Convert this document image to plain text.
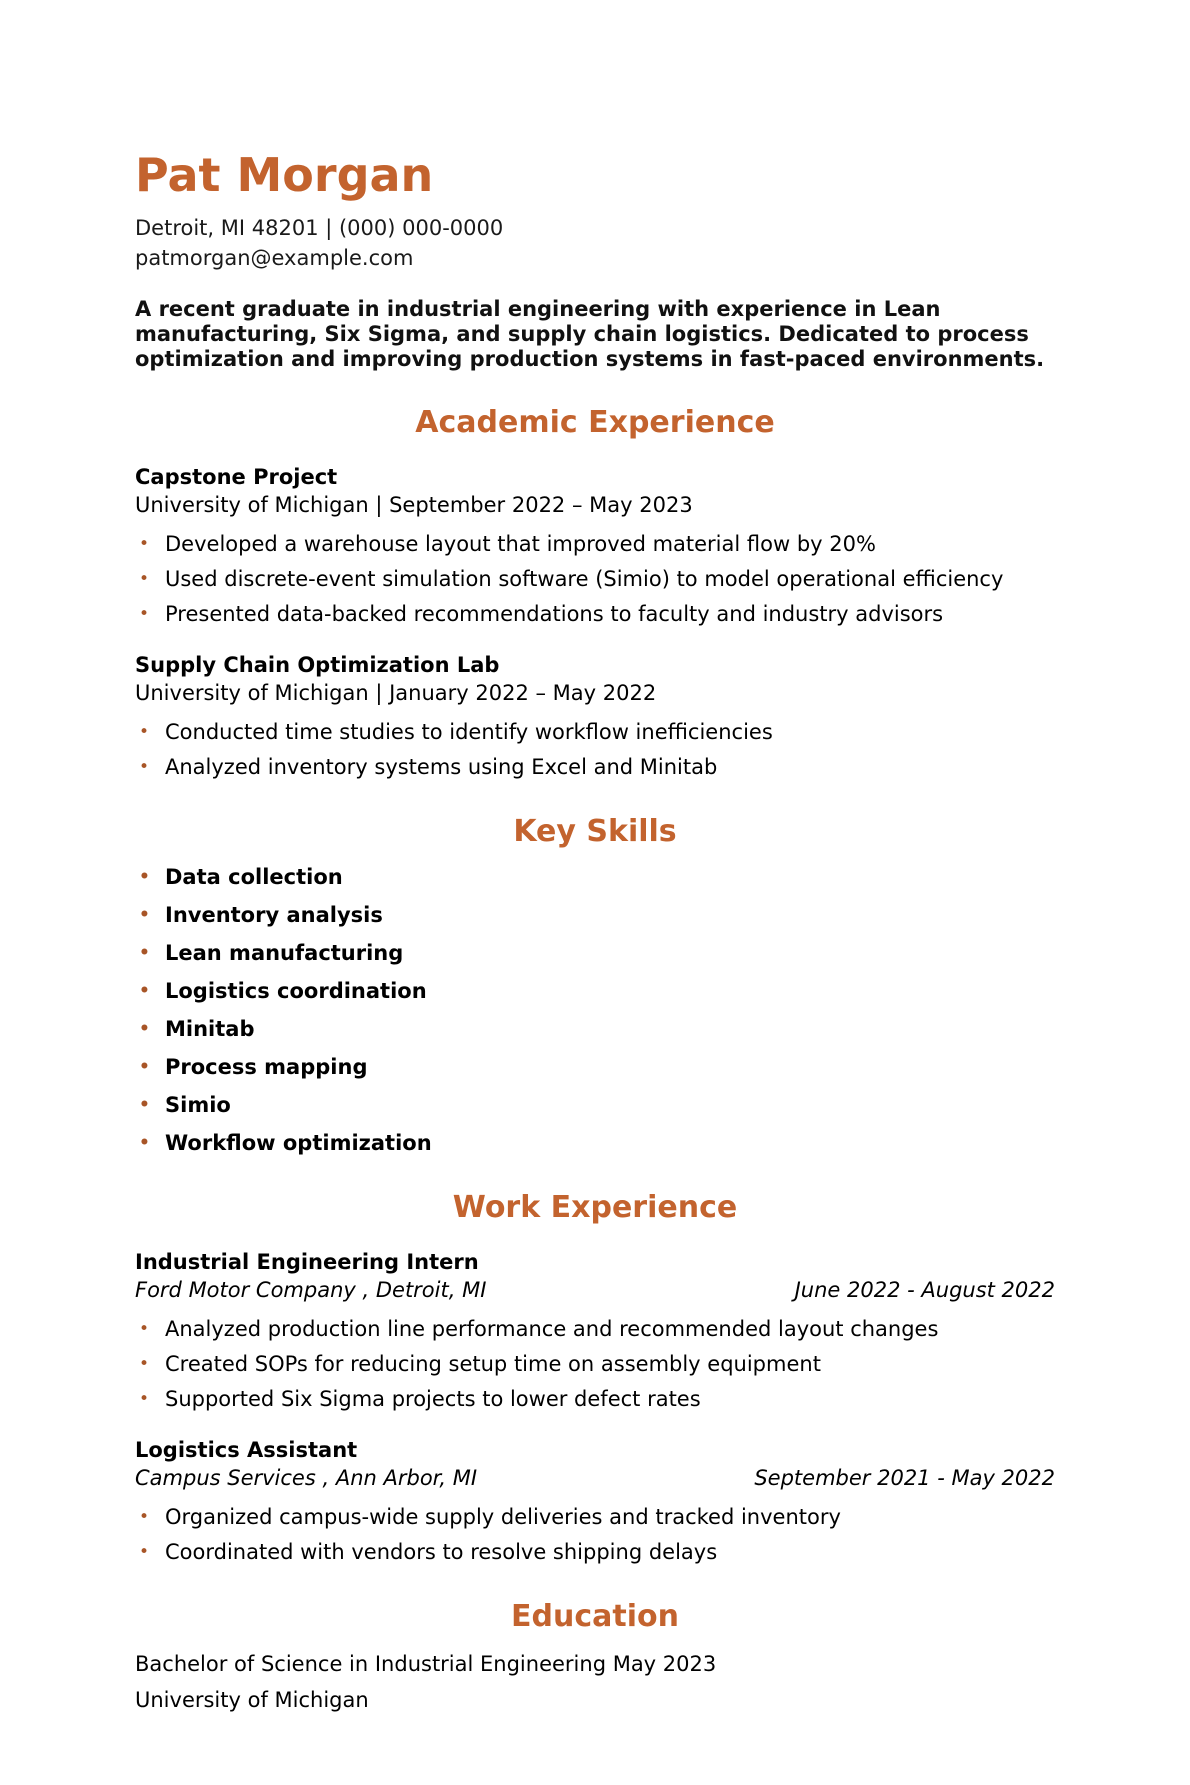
Pat Morgan
Detroit, MI 48201 | (000) 000-0000
patmorgan@example.com

A recent graduate in industrial engineering with experience in Lean manufacturing, Six Sigma, and supply chain logistics. Dedicated to process optimization and improving production systems in fast-paced environments.

Academic Experience
Capstone Project
University of Michigan | September 2022 – May 2023
• Developed a warehouse layout that improved material flow by 20%
• Used discrete-event simulation software (Simio) to model operational efficiency
• Presented data-backed recommendations to faculty and industry advisors
Supply Chain Optimization Lab
University of Michigan | January 2022 – May 2022
• Conducted time studies to identify workflow inefficiencies
• Analyzed inventory systems using Excel and Minitab
Key Skills
• Data collection
• Inventory analysis
• Lean manufacturing
• Logistics coordination
• Minitab
• Process mapping
• Simio
• Workflow optimization
Work Experience
Industrial Engineering Intern
Ford Motor Company , Detroit, MI	June 2022 - August 2022
• Analyzed production line performance and recommended layout changes
• Created SOPs for reducing setup time on assembly equipment
• Supported Six Sigma projects to lower defect rates
Logistics Assistant
Campus Services , Ann Arbor, MI	September 2021 - May 2022
• Organized campus-wide supply deliveries and tracked inventory
• Coordinated with vendors to resolve shipping delays
Education
Bachelor of Science in Industrial Engineering May 2023
University of Michigan
